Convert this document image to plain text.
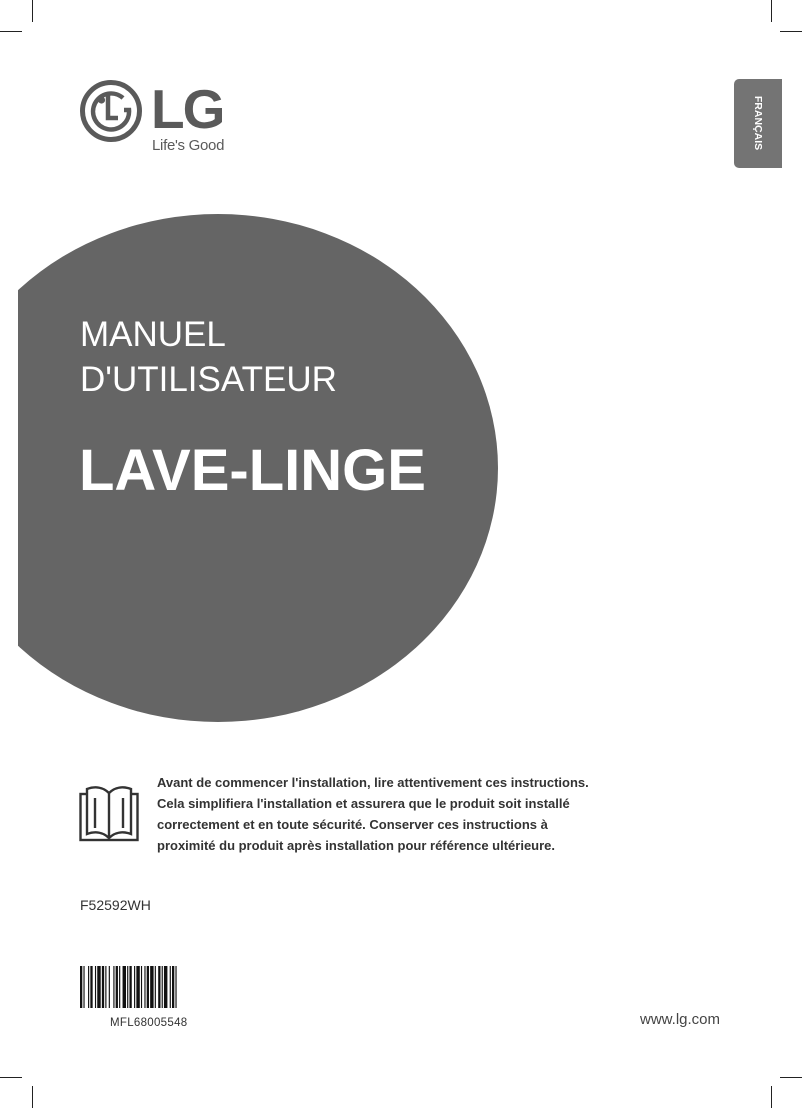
LG
Life's Good	FRANÇAIS
MANUEL
D'UTILISATEUR
LAVE-LINGE
Avant de commencer l'installation, lire attentivement ces instructions.
Cela simplifiera l'installation et assurera que le produit soit installé
correctement et en toute sécurité. Conserver ces instructions à
proximité du produit après installation pour référence ultérieure.
F52592WH
MFL68005548	www.lg.com
